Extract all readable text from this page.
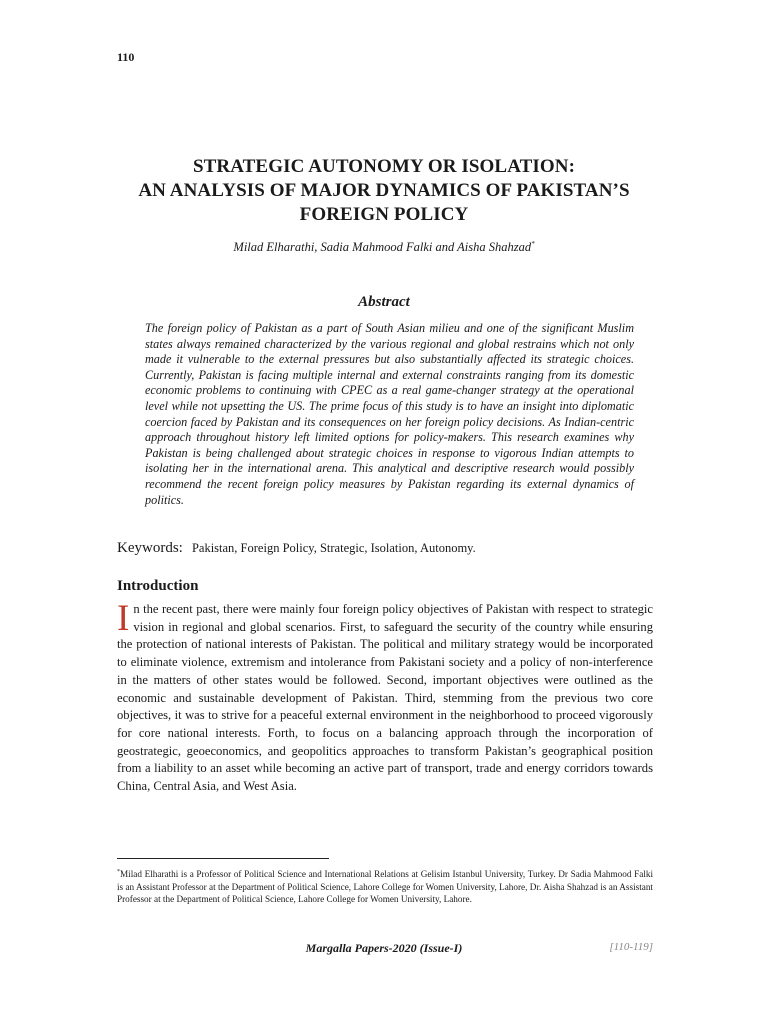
110
STRATEGIC AUTONOMY OR ISOLATION:
AN ANALYSIS OF MAJOR DYNAMICS OF PAKISTAN’S
FOREIGN POLICY
Milad Elharathi, Sadia Mahmood Falki and Aisha Shahzad*
Abstract
The foreign policy of Pakistan as a part of South Asian milieu and one of the significant Muslim states always remained characterized by the various regional and global restrains which not only made it vulnerable to the external pressures but also substantially affected its strategic choices. Currently, Pakistan is facing multiple internal and external constraints ranging from its domestic economic problems to continuing with CPEC as a real game-changer strategy at the operational level while not upsetting the US. The prime focus of this study is to have an insight into diplomatic coercion faced by Pakistan and its consequences on her foreign policy decisions. As Indian-centric approach throughout history left limited options for policy-makers. This research examines why Pakistan is being challenged about strategic choices in response to vigorous Indian attempts to isolating her in the international arena. This analytical and descriptive research would possibly recommend the recent foreign policy measures by Pakistan regarding its external dynamics of politics.
Keywords: Pakistan, Foreign Policy, Strategic, Isolation, Autonomy.
Introduction
In the recent past, there were mainly four foreign policy objectives of Pakistan with respect to strategic vision in regional and global scenarios. First, to safeguard the security of the country while ensuring the protection of national interests of Pakistan. The political and military strategy would be incorporated to eliminate violence, extremism and intolerance from Pakistani society and a policy of non-interference in the matters of other states would be followed. Second, important objectives were outlined as the economic and sustainable development of Pakistan. Third, stemming from the previous two core objectives, it was to strive for a peaceful external environment in the neighborhood to proceed vigorously for core national interests. Forth, to focus on a balancing approach through the incorporation of geostrategic, geoeconomics, and geopolitics approaches to transform Pakistan’s geographical position from a liability to an asset while becoming an active part of transport, trade and energy corridors towards China, Central Asia, and West Asia.
*Milad Elharathi is a Professor of Political Science and International Relations at Gelisim Istanbul University, Turkey. Dr Sadia Mahmood Falki is an Assistant Professor at the Department of Political Science, Lahore College for Women University, Lahore, Dr. Aisha Shahzad is an Assistant Professor at the Department of Political Science, Lahore College for Women University, Lahore.
Margalla Papers-2020 (Issue-I)	[110-119]
